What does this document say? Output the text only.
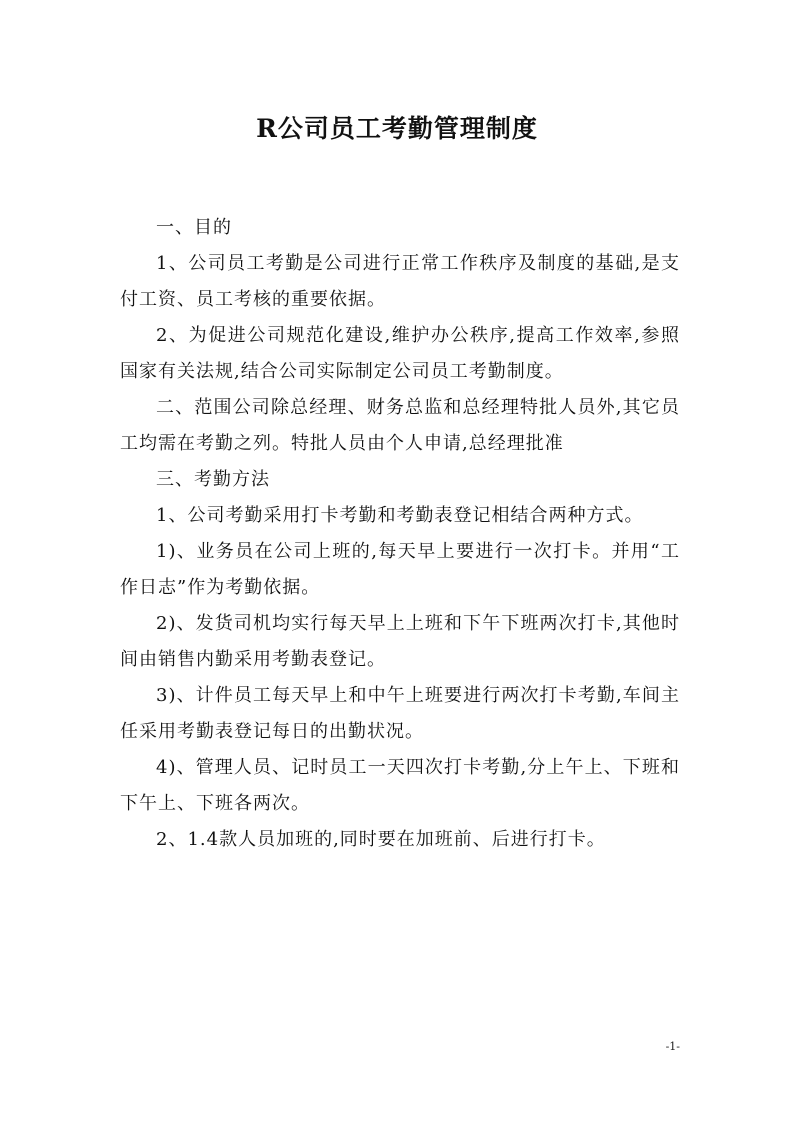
R公司员工考勤管理制度

一、目的

1、公司员工考勤是公司进行正常工作秩序及制度的基础,是支付工资、员工考核的重要依据。

2、为促进公司规范化建设,维护办公秩序,提高工作效率,参照国家有关法规,结合公司实际制定公司员工考勤制度。

二、范围公司除总经理、财务总监和总经理特批人员外,其它员工均需在考勤之列。特批人员由个人申请,总经理批准

三、考勤方法

1、公司考勤采用打卡考勤和考勤表登记相结合两种方式。

1)、业务员在公司上班的,每天早上要进行一次打卡。并用“工作日志”作为考勤依据。

2)、发货司机均实行每天早上上班和下午下班两次打卡,其他时间由销售内勤采用考勤表登记。

3)、计件员工每天早上和中午上班要进行两次打卡考勤,车间主任采用考勤表登记每日的出勤状况。

4)、管理人员、记时员工一天四次打卡考勤,分上午上、下班和下午上、下班各两次。

2、1.4款人员加班的,同时要在加班前、后进行打卡。

-1-
